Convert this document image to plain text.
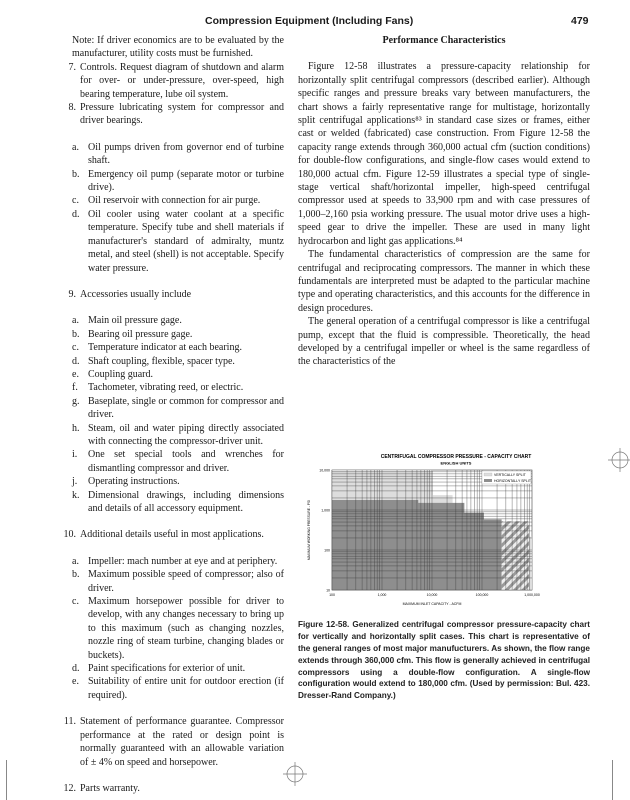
Compression Equipment (Including Fans)	479
Note: If driver economics are to be evaluated by the manufacturer, utility costs must be furnished.
7. Controls. Request diagram of shutdown and alarm for over- or under-pressure, over-speed, high bearing temperature, lube oil system.
8. Pressure lubricating system for compressor and driver bearings.
a. Oil pumps driven from governor end of turbine shaft.
b. Emergency oil pump (separate motor or turbine drive).
c. Oil reservoir with connection for air purge.
d. Oil cooler using water coolant at a specific temperature. Specify tube and shell materials if manufacturer's standard of admiralty, muntz metal, and steel (shell) is not acceptable. Specify water pressure.
9. Accessories usually include
a. Main oil pressure gage.
b. Bearing oil pressure gage.
c. Temperature indicator at each bearing.
d. Shaft coupling, flexible, spacer type.
e. Coupling guard.
f.	Tachometer, vibrating reed, or electric.
g. Baseplate, single or common for compressor and driver.
h. Steam, oil and water piping directly associated with connecting the compressor-driver unit.
i.	One set special tools and wrenches for dismantling compressor and driver.
j.	Operating instructions.
k. Dimensional drawings, including dimensions and details of all accessory equipment.
10. Additional details useful in most applications.
a. Impeller: mach number at eye and at periphery.
b. Maximum possible speed of compressor; also of driver.
c. Maximum horsepower possible for driver to develop, with any changes necessary to bring up to this maximum (such as changing nozzles, nozzle ring of steam turbine, changing blades or buckets).
d. Paint specifications for exterior of unit.
e. Suitability of entire unit for outdoor erection (if required).
11. Statement of performance guarantee. Compressor performance at the rated or design point is normally guaranteed with an allowable variation of ± 4% on speed and horsepower.
12. Parts warranty.
Performance Characteristics

Figure 12-58 illustrates a pressure-capacity relationship for horizontally split centrifugal compressors (described earlier). Although specific ranges and pressure breaks vary between manufacturers, the chart shows a fairly representative range for multistage, horizontally split centrifugal applications⁸³ in standard case sizes or frames, either cast or welded (fabricated) case construction. From Figure 12-58 the capacity range extends through 360,000 actual cfm (suction conditions) for double-flow configurations, and single-flow cases would extend to 180,000 actual cfm. Figure 12-59 illustrates a special type of single-stage vertical shaft/horizontal impeller, high-speed centrifugal compressor used at speeds to 33,900 rpm and with case pressures of 1,000–2,160 psia working pressure. The usual motor drive uses a high-speed gear to drive the impeller. These are used in many light hydrocarbon and light gas applications.⁸⁴

The fundamental characteristics of compression are the same for centrifugal and reciprocating compressors. The manner in which these fundamentals are interpreted must be adapted to the particular machine type and operating characteristics, and this accounts for the difference in design procedures.

The general operation of a centrifugal compressor is like a centrifugal pump, except that the fluid is compressible. Theoretically, the head developed by a centrifugal impeller or wheel is the same regardless of the characteristics of the

VERTICALLY SPLIT
HORIZONTALLY SPLIT
CENTRIFUGAL COMPRESSOR PRESSURE - CAPACITY CHART
ENGLISH UNITS
10,000
1,000
100
10
100	1,000	10,000	100,000	1,000,000
MAXIMUM INLET CAPACITY - ACFM
MAXIMUM WORKING PRESSURE - PSI
Figure 12-58. Generalized centrifugal compressor pressure-capacity chart for vertically and horizontally split cases. This chart is representative of the general ranges of most major manufucturers. As shown, the flow range extends through 360,000 cfm. This flow is generally achieved in centrifugal compressors using a double-flow configuration. A single-flow configuration would extend to 180,000 cfm. (Used by permission: Bul. 423. Dresser-Rand Company.)
